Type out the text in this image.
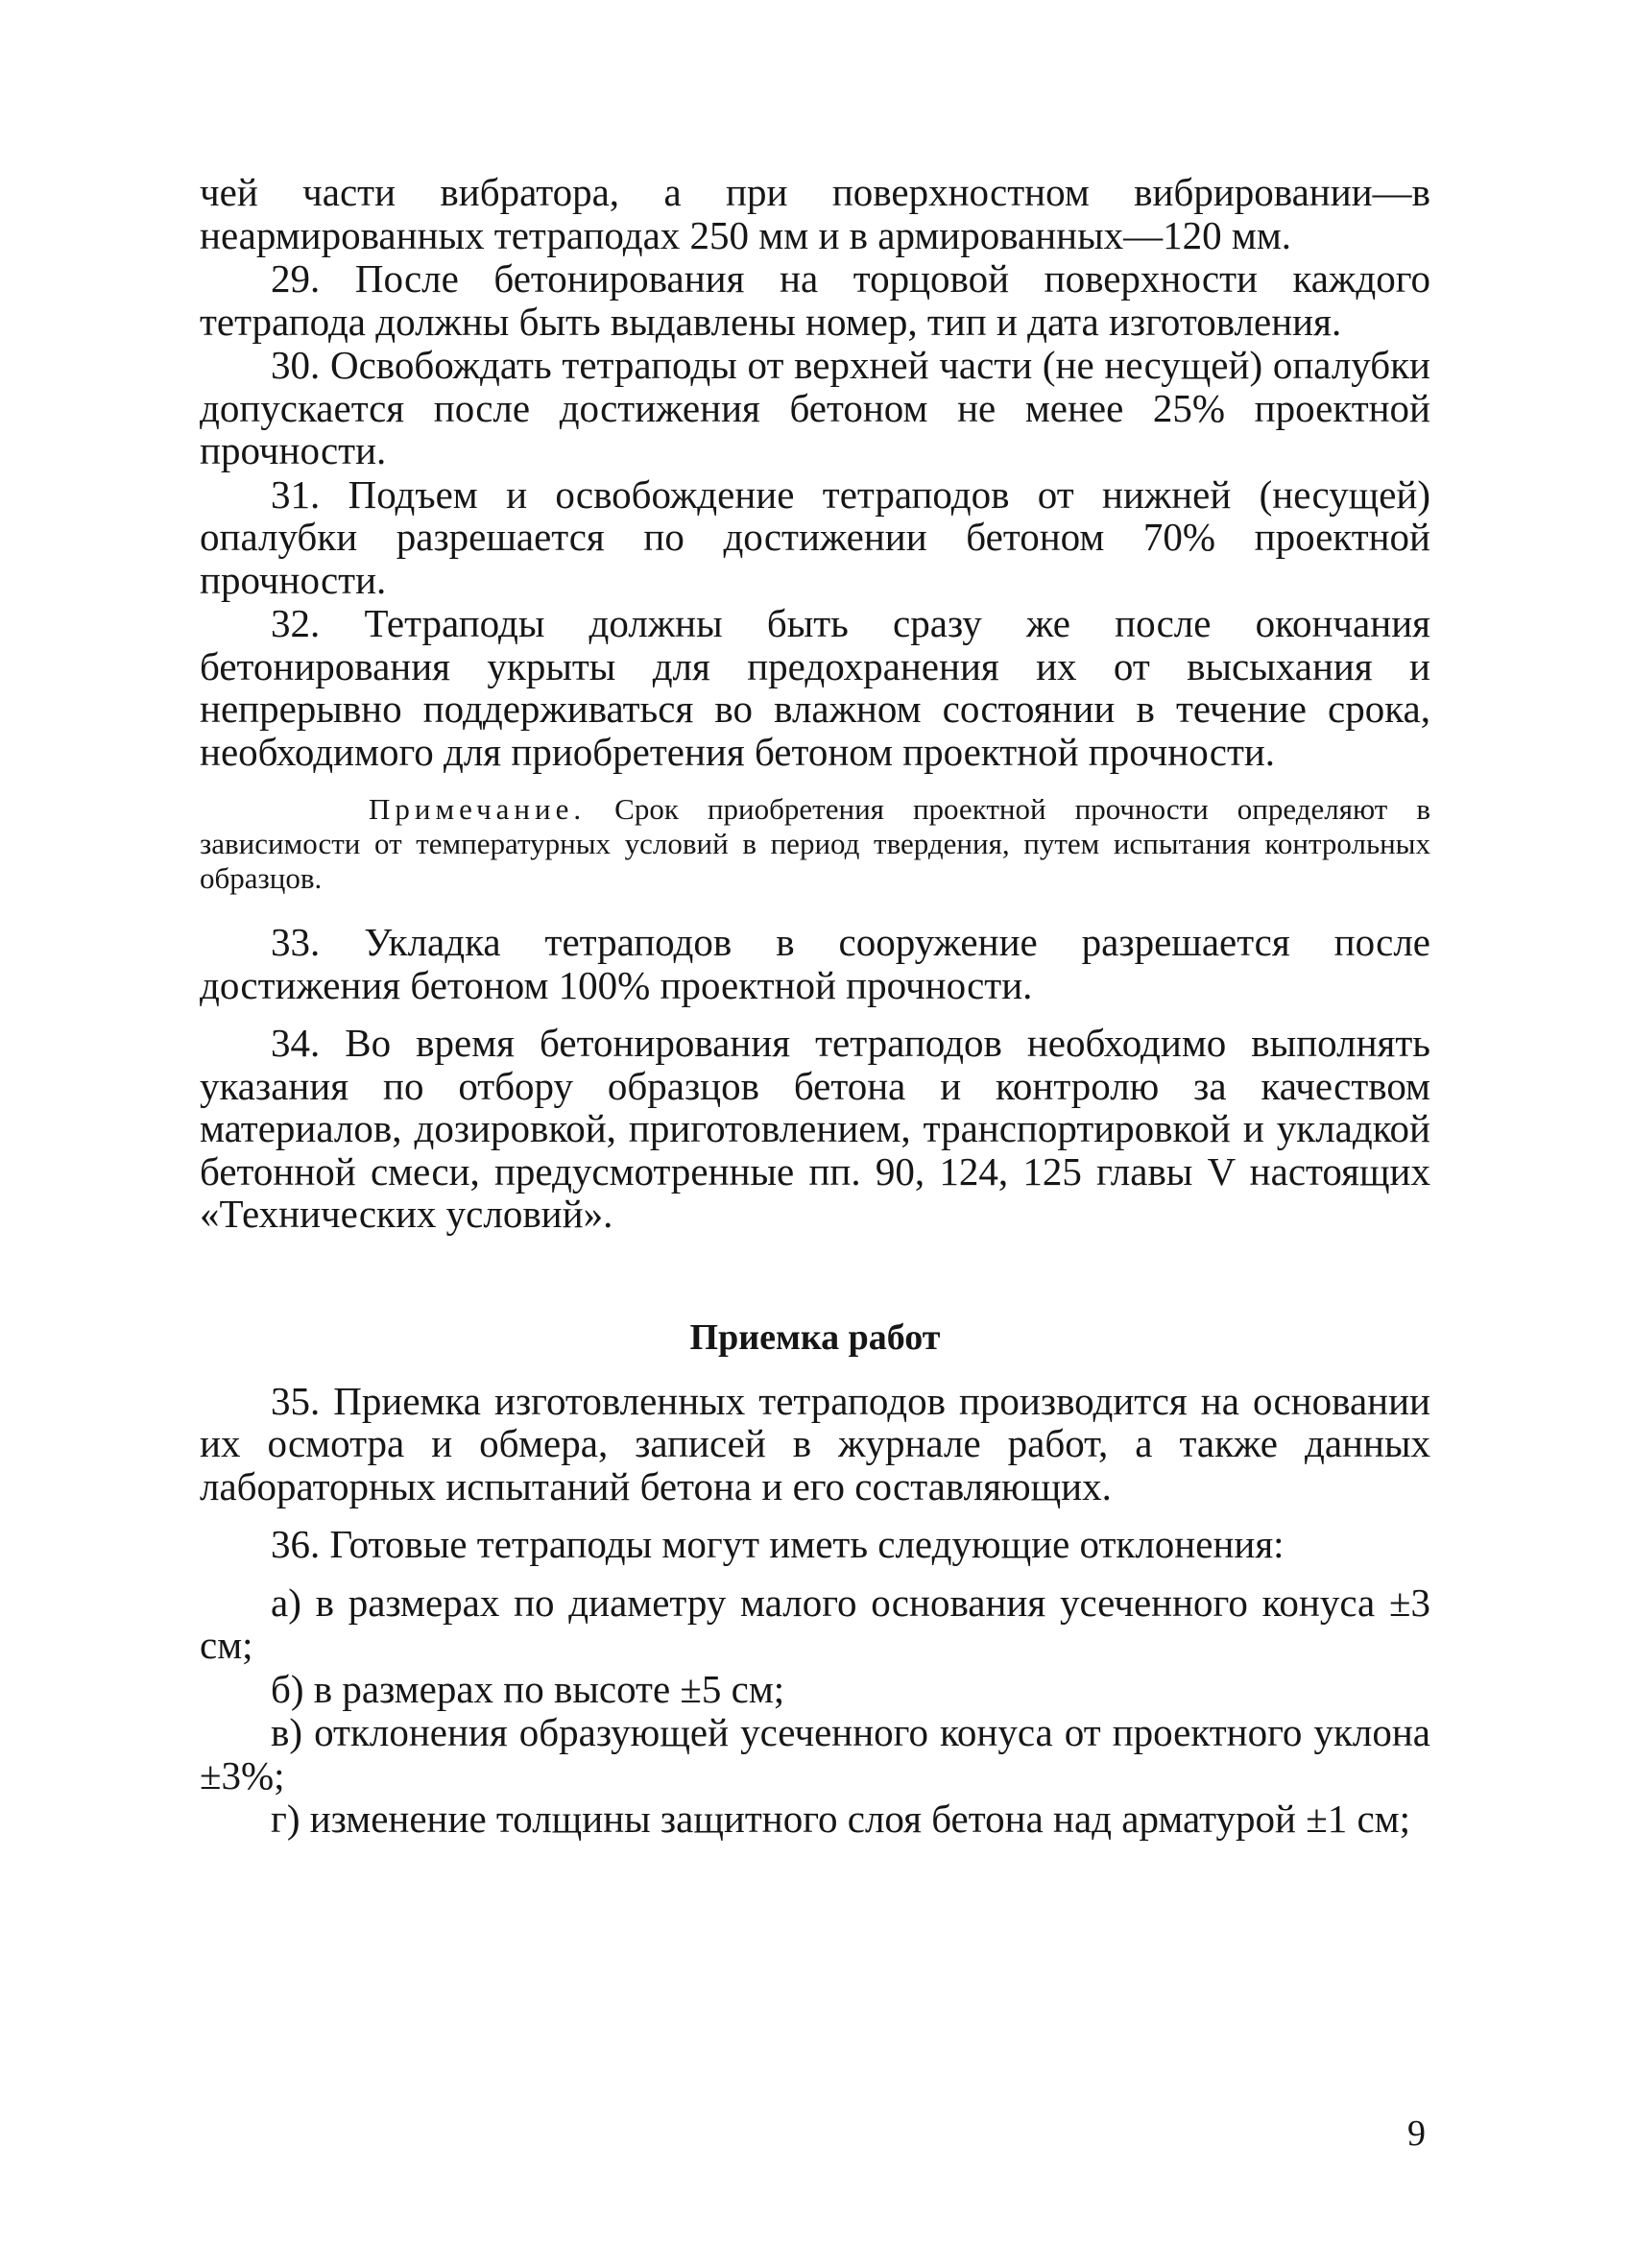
чей части вибратора, а при поверхностном вибрировании—в неармированных тетраподах 250 мм и в армированных—120 мм.

29. После бетонирования на торцовой поверхности каждого тетрапода должны быть выдавлены номер, тип и дата изготовления.

30. Освобождать тетраподы от верхней части (не несущей) опалубки допускается после достижения бетоном не менее 25% проектной прочности.

31. Подъем и освобождение тетраподов от нижней (несущей) опалубки разрешается по достижении бетоном 70% проектной прочности.

32. Тетраподы должны быть сразу же после окончания бетонирования укрыты для предохранения их от высыхания и непрерывно поддерживаться во влажном состоянии в течение срока, необходимого для приобретения бетоном проектной прочности.

Примечание. Срок приобретения проектной прочности определяют в зависимости от температурных условий в период твердения, путем испытания контрольных образцов.

33. Укладка тетраподов в сооружение разрешается после достижения бетоном 100% проектной прочности.

34. Во время бетонирования тетраподов необходимо выполнять указания по отбору образцов бетона и контролю за качеством материалов, дозировкой, приготовлением, транспортировкой и укладкой бетонной смеси, предусмотренные пп. 90, 124, 125 главы V настоящих «Технических условий».

Приемка работ

35. Приемка изготовленных тетраподов производится на основании их осмотра и обмера, записей в журнале работ, а также данных лабораторных испытаний бетона и его составляющих.

36. Готовые тетраподы могут иметь следующие отклонения:

а) в размерах по диаметру малого основания усеченного конуса ±3 см;

б) в размерах по высоте ±5 см;

в) отклонения образующей усеченного конуса от проектного уклона ±3%;

г) изменение толщины защитного слоя бетона над арматурой ±1 см;

9
